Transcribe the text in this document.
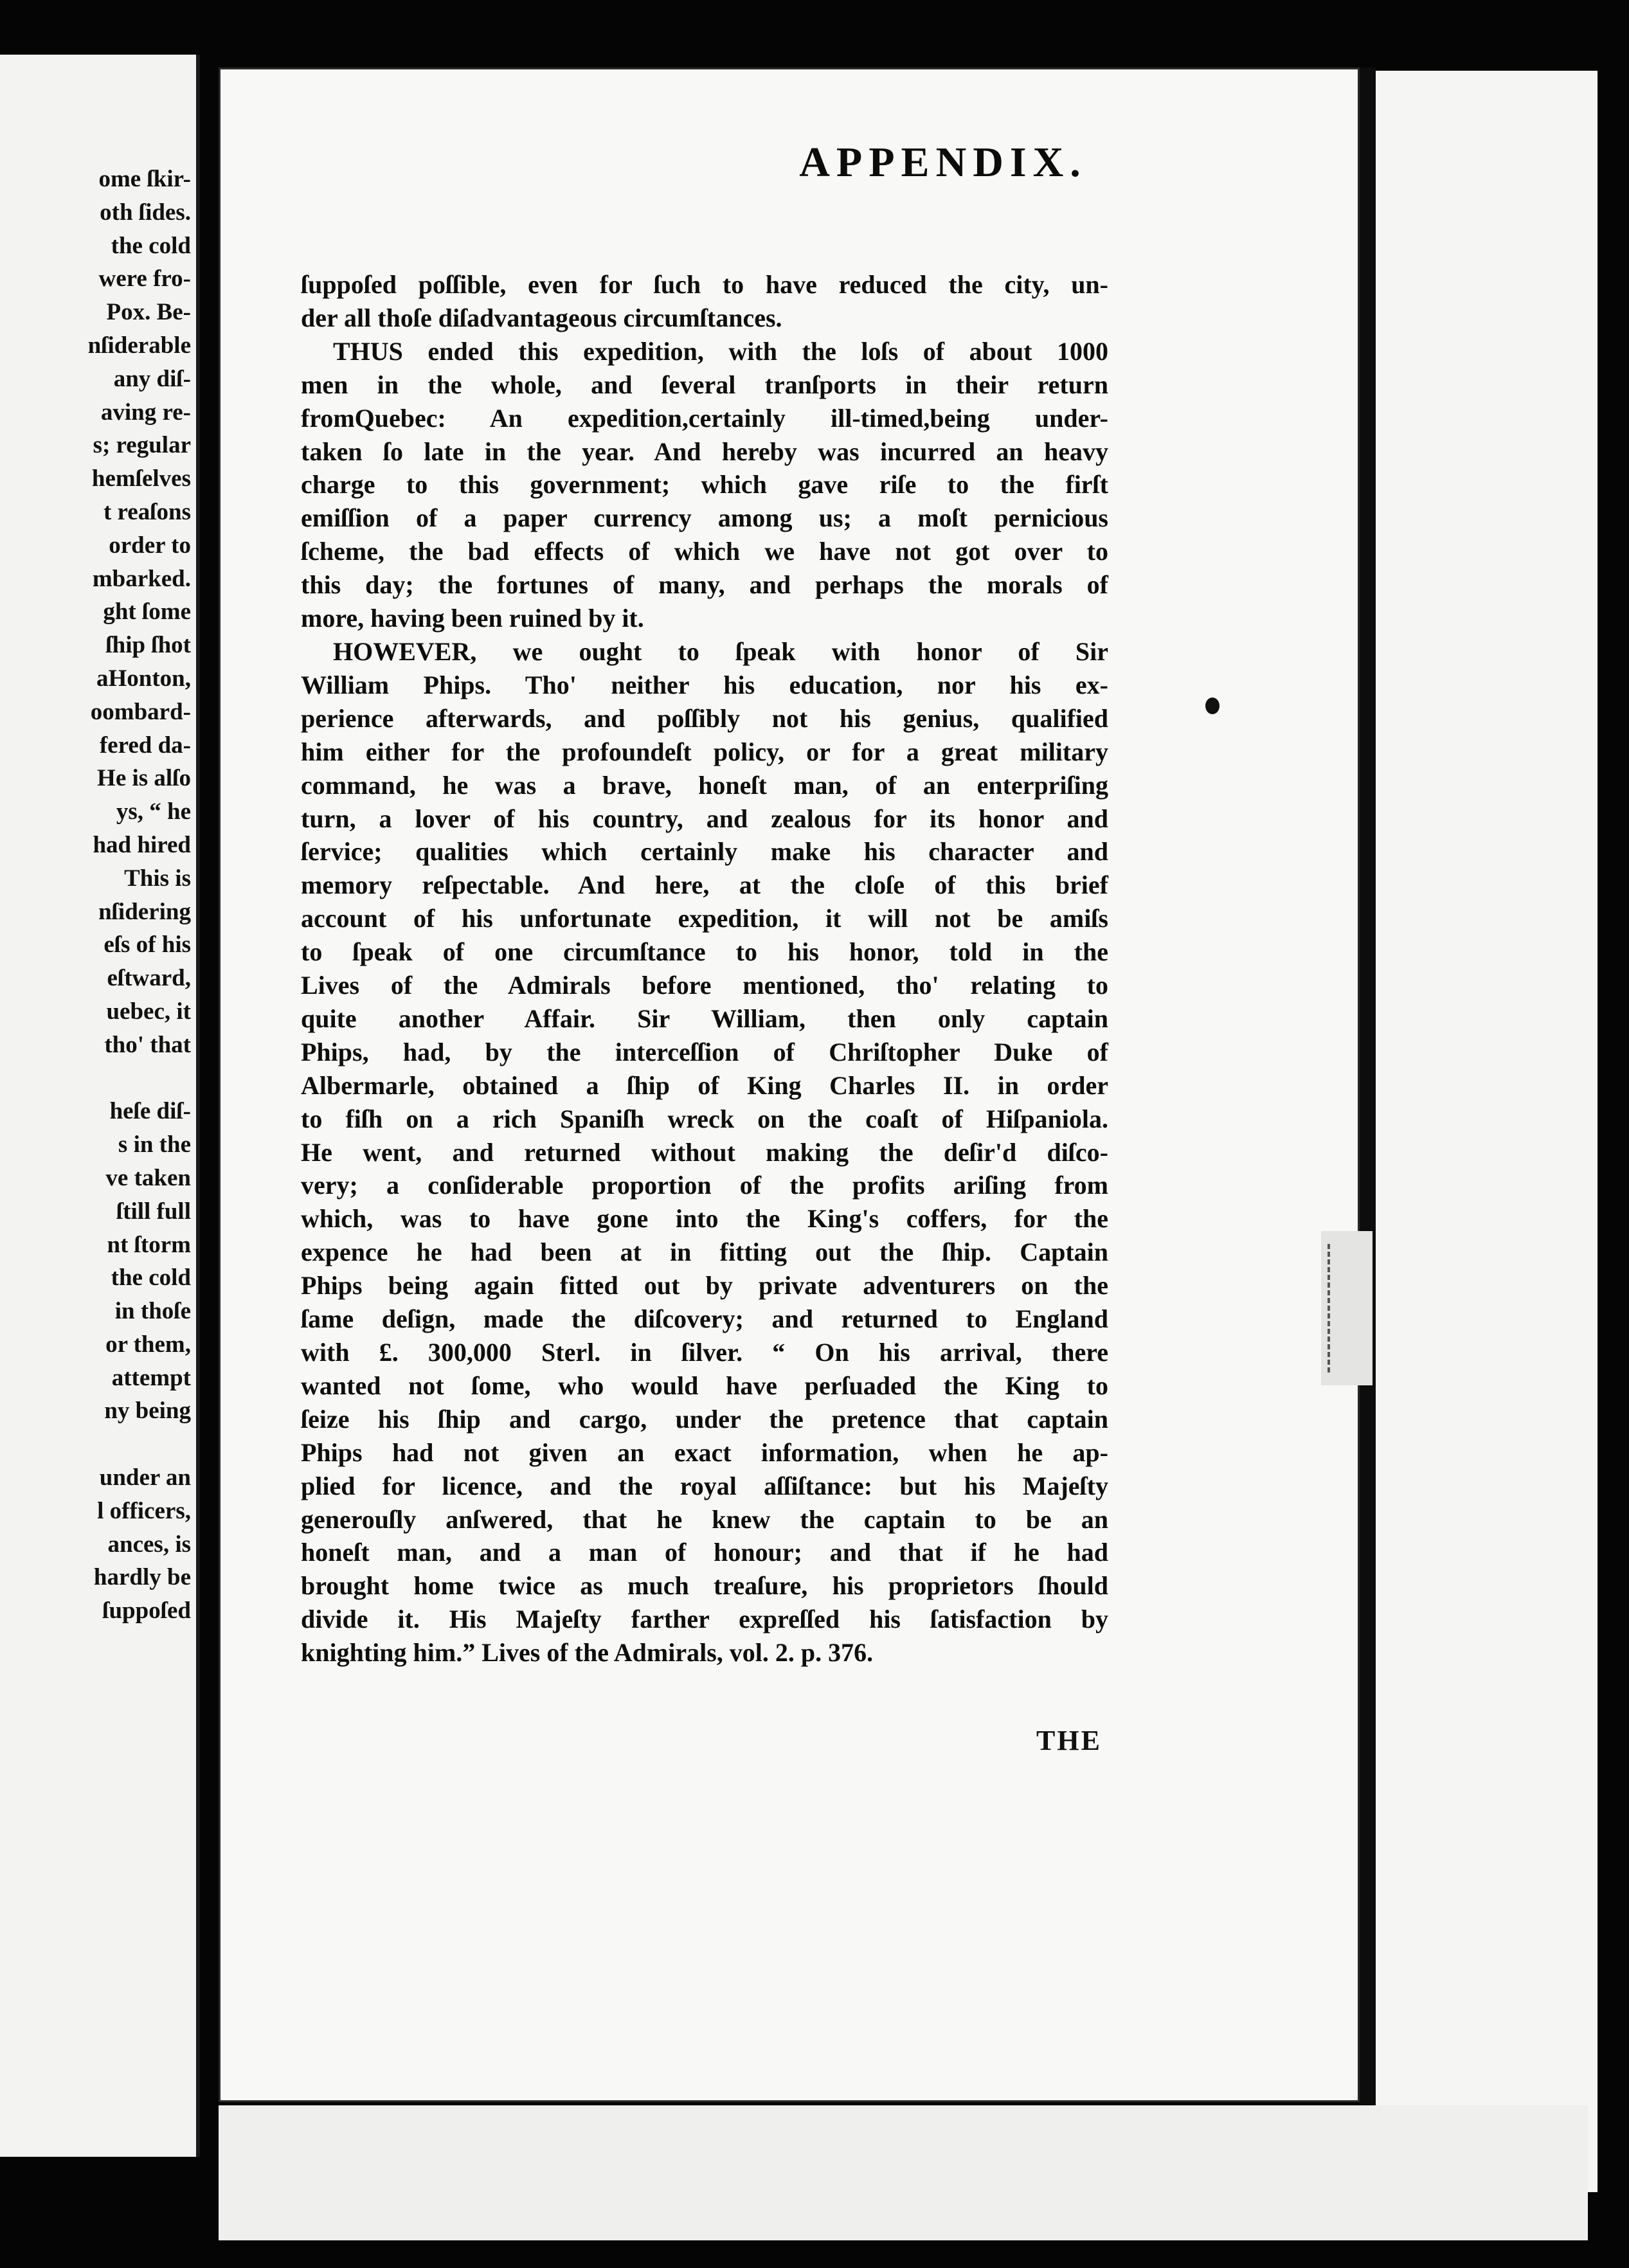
ome ſkir-
oth ſides.
the cold
were fro-
Pox. Be-
nſiderable
any diſ-
aving re-
s; regular
hemſelves
t reaſons
order to
mbarked.
ght ſome
ſhip ſhot
aHonton,
oombard-
fered da-
He is alſo
ys, “ he
had hired
This is
nſidering
eſs of his
eſtward,
uebec, it
tho' that

heſe diſ-
s in the
ve taken
ſtill full
nt ſtorm
the cold
in thoſe
or them,
attempt
ny being

under an
l officers,
ances, is
hardly be
ſuppoſed
APPENDIX.
ſuppoſed poſſible, even for ſuch to have reduced the city, un-
der all thoſe diſadvantageous circumſtances.
THUS ended this expedition, with the loſs of about 1000
men in the whole, and ſeveral tranſports in their return
fromQuebec: An expedition,certainly ill-timed,being under-
taken ſo late in the year. And hereby was incurred an heavy
charge to this government; which gave riſe to the firſt
emiſſion of a paper currency among us; a moſt pernicious
ſcheme, the bad effects of which we have not got over to
this day; the fortunes of many, and perhaps the morals of
more, having been ruined by it.
HOWEVER, we ought to ſpeak with honor of Sir
William Phips. Tho' neither his education, nor his ex-
perience afterwards, and poſſibly not his genius, qualified
him either for the profoundeſt policy, or for a great military
command, he was a brave, honeſt man, of an enterpriſing
turn, a lover of his country, and zealous for its honor and
ſervice; qualities which certainly make his character and
memory reſpectable. And here, at the cloſe of this brief
account of his unfortunate expedition, it will not be amiſs
to ſpeak of one circumſtance to his honor, told in the
Lives of the Admirals before mentioned, tho' relating to
quite another Affair. Sir William, then only captain
Phips, had, by the interceſſion of Chriſtopher Duke of
Albermarle, obtained a ſhip of King Charles II. in order
to fiſh on a rich Spaniſh wreck on the coaſt of Hiſpaniola.
He went, and returned without making the deſir'd diſco-
very; a conſiderable proportion of the profits ariſing from
which, was to have gone into the King's coffers, for the
expence he had been at in fitting out the ſhip. Captain
Phips being again fitted out by private adventurers on the
ſame deſign, made the diſcovery; and returned to England
with £. 300,000 Sterl. in ſilver. “ On his arrival, there
wanted not ſome, who would have perſuaded the King to
ſeize his ſhip and cargo, under the pretence that captain
Phips had not given an exact information, when he ap-
plied for licence, and the royal aſſiſtance: but his Majeſty
generouſly anſwered, that he knew the captain to be an
honeſt man, and a man of honour; and that if he had
brought home twice as much treaſure, his proprietors ſhould
divide it. His Majeſty farther expreſſed his ſatisfaction by
knighting him.” Lives of the Admirals, vol. 2. p. 376.
THE
